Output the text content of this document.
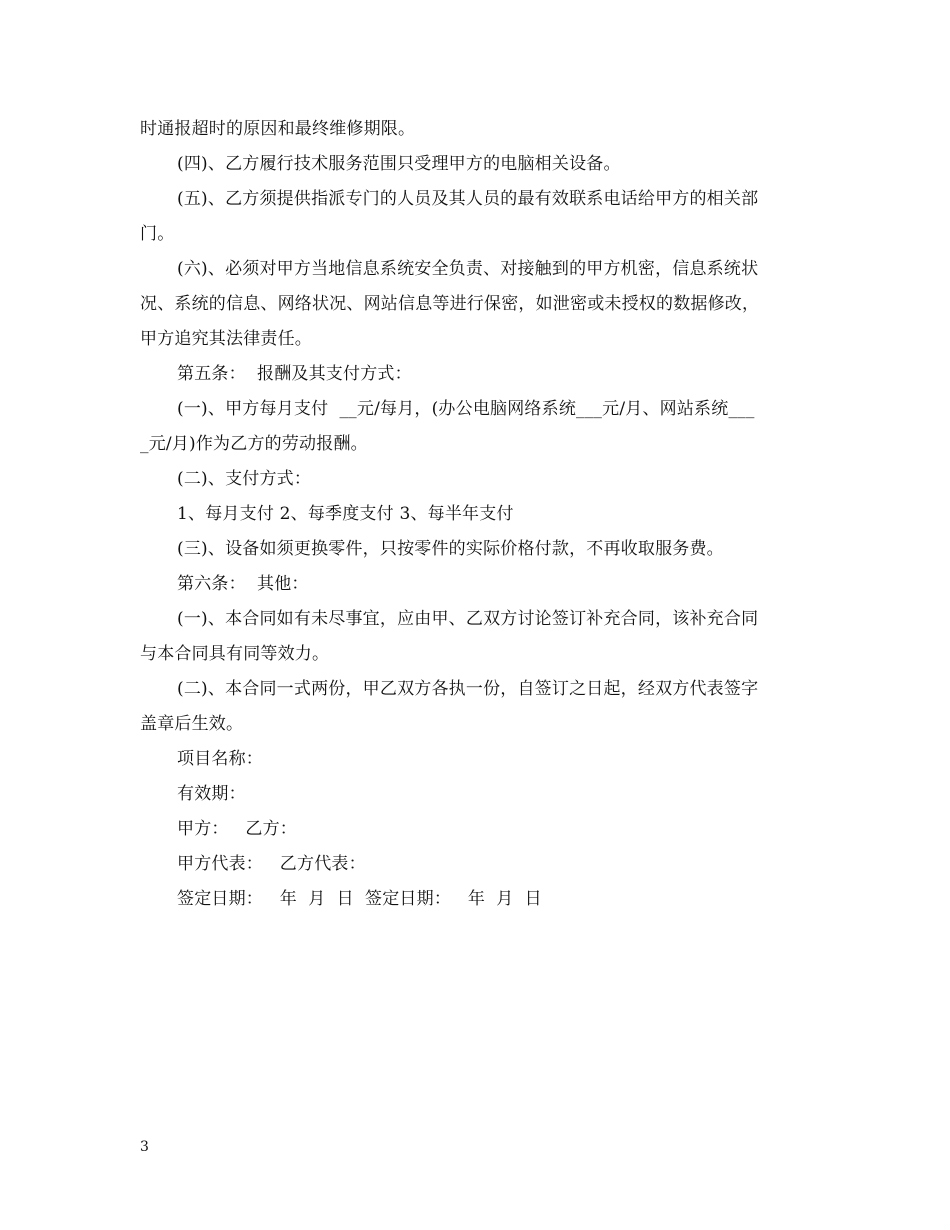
时通报超时的原因和最终维修期限。
(四)、乙方履行技术服务范围只受理甲方的电脑相关设备。
(五)、乙方须提供指派专门的人员及其人员的最有效联系电话给甲方的相关部
门。
(六)、必须对甲方当地信息系统安全负责、对接触到的甲方机密，信息系统状
况、系统的信息、网络状况、网站信息等进行保密，如泄密或未授权的数据修改，
甲方追究其法律责任。
第五条：  报酬及其支付方式：
(一)、甲方每月支付  __元/每月，(办公电脑网络系统___元/月、网站系统___
_元/月)作为乙方的劳动报酬。
(二)、支付方式：
1、每月支付 2、每季度支付 3、每半年支付
(三)、设备如须更换零件，只按零件的实际价格付款，不再收取服务费。
第六条：  其他：
(一)、本合同如有未尽事宜，应由甲、乙双方讨论签订补充合同，该补充合同
与本合同具有同等效力。
(二)、本合同一式两份，甲乙双方各执一份，自签订之日起，经双方代表签字
盖章后生效。
项目名称：
有效期：
甲方：   乙方：
甲方代表：   乙方代表：
签定日期：   年  月  日  签定日期：   年  月  日
3
